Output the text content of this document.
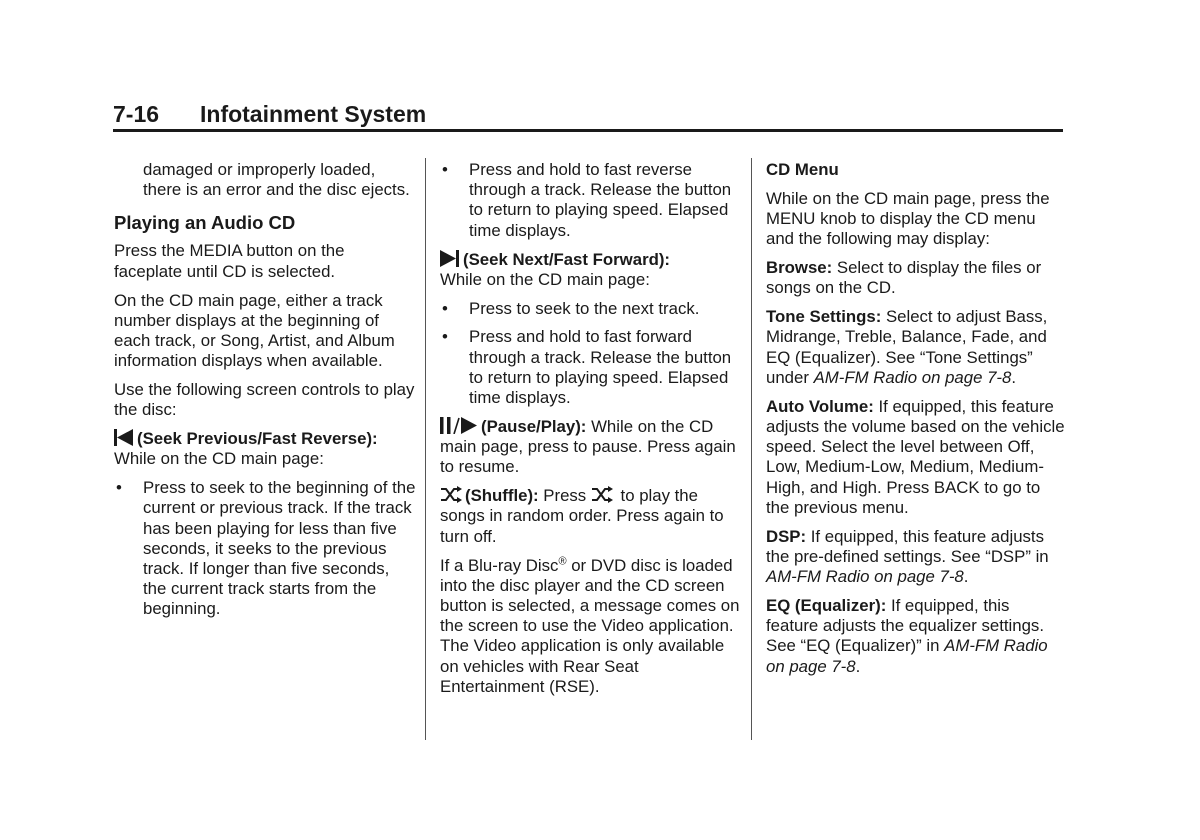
7-16 Infotainment System
damaged or improperly loaded, there is an error and the disc ejects.
Playing an Audio CD

Press the MEDIA button on the faceplate until CD is selected.

On the CD main page, either a track number displays at the beginning of each track, or Song, Artist, and Album information displays when available.

Use the following screen controls to play the disc:

(Seek Previous/Fast Reverse):
While on the CD main page:

• Press to seek to the beginning of the current or previous track. If the track has been playing for less than five seconds, it seeks to the previous track. If longer than five seconds, the current track starts from the beginning.
• Press and hold to fast reverse through a track. Release the button to return to playing speed. Elapsed time displays.

(Seek Next/Fast Forward):
While on the CD main page:

• Press to seek to the next track.
• Press and hold to fast forward through a track. Release the button to return to playing speed. Elapsed time displays.

(Pause/Play): While on the CD main page, press to pause. Press again to resume.

(Shuffle): Press  to play the songs in random order. Press again to turn off.

If a Blu-ray Disc® or DVD disc is loaded into the disc player and the CD screen button is selected, a message comes on the screen to use the Video application. The Video application is only available on vehicles with Rear Seat Entertainment (RSE).

CD Menu

While on the CD main page, press the MENU knob to display the CD menu and the following may display:

Browse: Select to display the files or songs on the CD.

Tone Settings: Select to adjust Bass, Midrange, Treble, Balance, Fade, and EQ (Equalizer). See “Tone Settings” under AM-FM Radio on page 7-8.

Auto Volume: If equipped, this feature adjusts the volume based on the vehicle speed. Select the level between Off, Low, Medium-Low, Medium, Medium-High, and High. Press BACK to go to the previous menu.

DSP: If equipped, this feature adjusts the pre-defined settings. See “DSP” in AM-FM Radio on page 7-8.

EQ (Equalizer): If equipped, this feature adjusts the equalizer settings. See “EQ (Equalizer)” in AM-FM Radio on page 7-8.
